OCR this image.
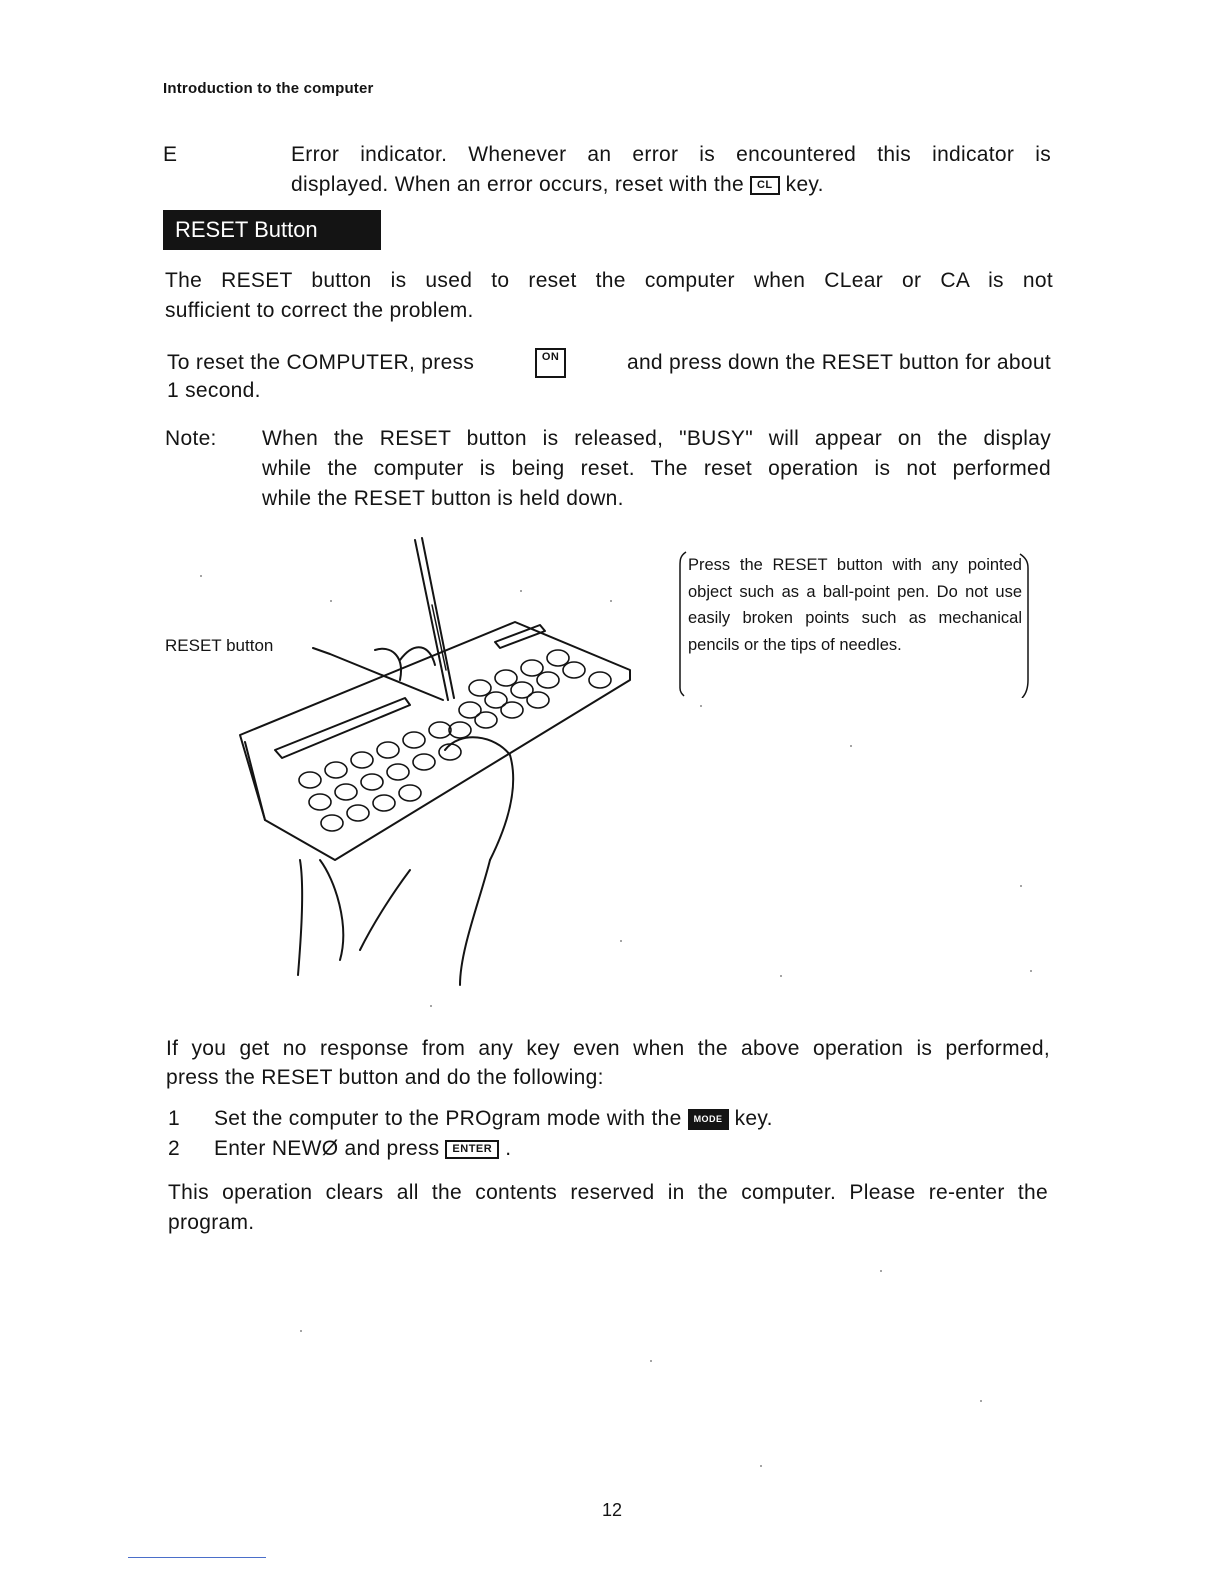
Introduction to the computer
E	Error indicator. Whenever an error is encountered this indicator is
displayed. When an error occurs, reset with the CL key.
RESET Button
The RESET button is used to reset the computer when CLear or CA is not
sufficient to correct the problem.
To reset the COMPUTER, press	ON	and press down the RESET button for about
1 second.
Note: When the RESET button is released, "BUSY" will appear on the display
while the computer is being reset. The reset operation is not performed
while the RESET button is held down.
RESET button
Press the RESET button with any pointed object such as a ball-point pen. Do not use easily broken points such as mechanical pencils or the tips of needles.
If you get no response from any key even when the above operation is performed,
press the RESET button and do the following:
1 Set the computer to the PROgram mode with the MODE key.
2 Enter NEWØ and press ENTER .
This operation clears all the contents reserved in the computer. Please re-enter the
program.
12
